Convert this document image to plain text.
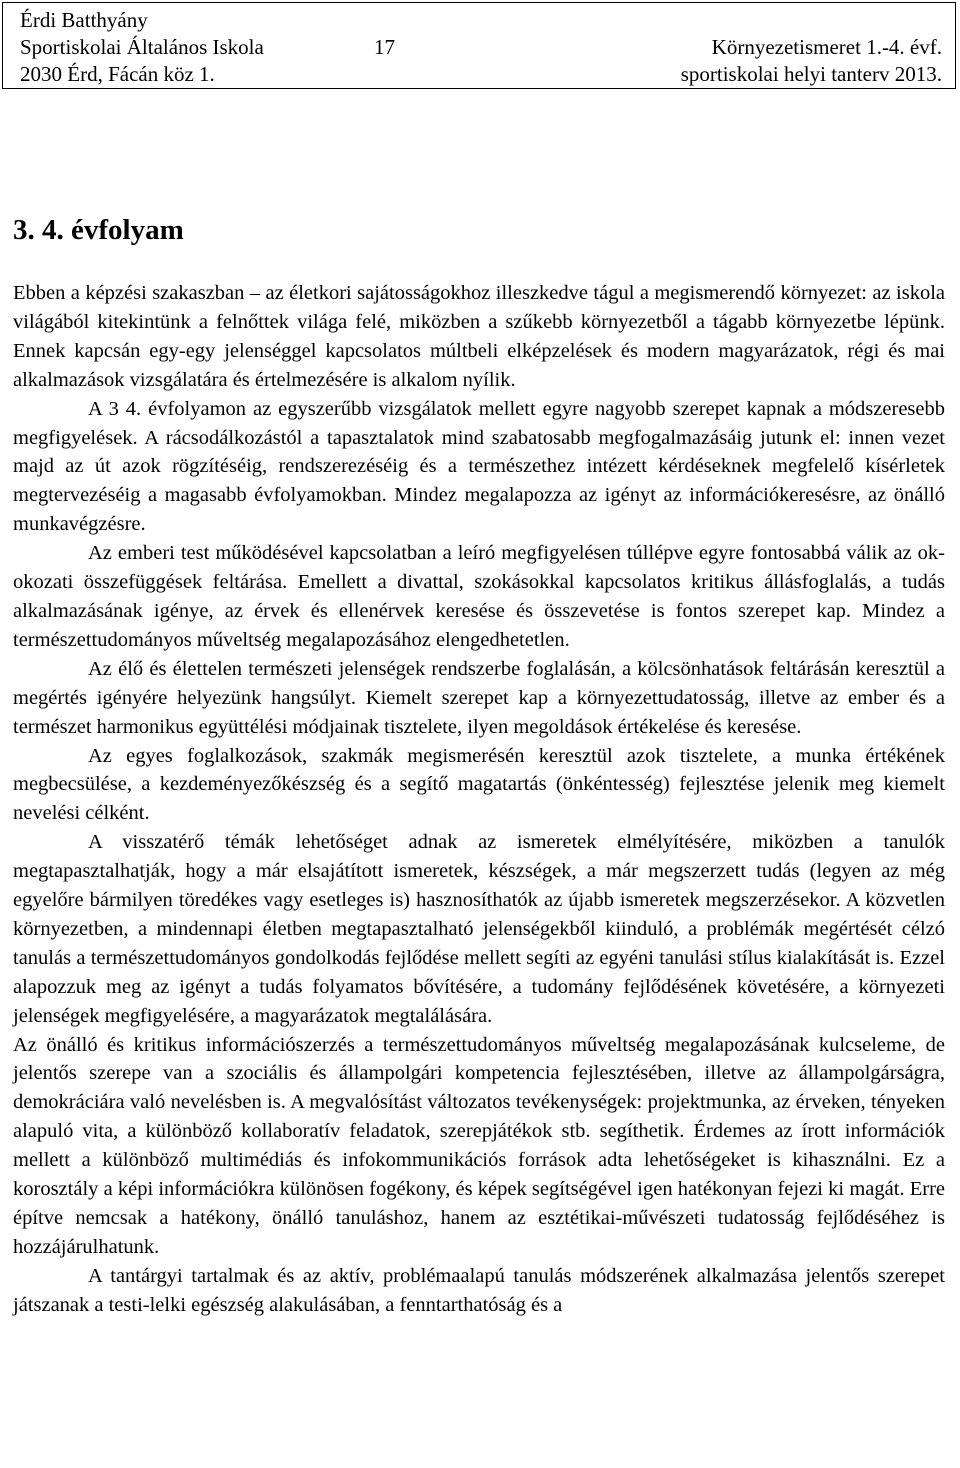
Érdi Batthyány
Sportiskolai Általános Iskola	17	Környezetismeret 1.-4. évf.
2030 Érd, Fácán köz 1.	sportiskolai helyi tanterv 2013.
3. 4. évfolyam

Ebben a képzési szakaszban – az életkori sajátosságokhoz illeszkedve tágul a megismerendő környezet: az iskola világából kitekintünk a felnőttek világa felé, miközben a szűkebb környezetből a tágabb környezetbe lépünk. Ennek kapcsán egy-egy jelenséggel kapcsolatos múltbeli elképzelések és modern magyarázatok, régi és mai alkalmazások vizsgálatára és értelmezésére is alkalom nyílik.

A 3 4. évfolyamon az egyszerűbb vizsgálatok mellett egyre nagyobb szerepet kapnak a módszeresebb megfigyelések. A rácsodálkozástól a tapasztalatok mind szabatosabb megfogalmazásáig jutunk el: innen vezet majd az út azok rögzítéséig, rendszerezéséig és a természethez intézett kérdéseknek megfelelő kísérletek megtervezéséig a magasabb évfolyamokban. Mindez megalapozza az igényt az információkeresésre, az önálló munkavégzésre.

Az emberi test működésével kapcsolatban a leíró megfigyelésen túllépve egyre fontosabbá válik az ok-okozati összefüggések feltárása. Emellett a divattal, szokásokkal kapcsolatos kritikus állásfoglalás, a tudás alkalmazásának igénye, az érvek és ellenérvek keresése és összevetése is fontos szerepet kap. Mindez a természettudományos műveltség megalapozásához elengedhetetlen.

Az élő és élettelen természeti jelenségek rendszerbe foglalásán, a kölcsönhatások feltárásán keresztül a megértés igényére helyezünk hangsúlyt. Kiemelt szerepet kap a környezettudatosság, illetve az ember és a természet harmonikus együttélési módjainak tisztelete, ilyen megoldások értékelése és keresése.

Az egyes foglalkozások, szakmák megismerésén keresztül azok tisztelete, a munka értékének megbecsülése, a kezdeményezőkészség és a segítő magatartás (önkéntesség) fejlesztése jelenik meg kiemelt nevelési célként.

A visszatérő témák lehetőséget adnak az ismeretek elmélyítésére, miközben a tanulók megtapasztalhatják, hogy a már elsajátított ismeretek, készségek, a már megszerzett tudás (legyen az még egyelőre bármilyen töredékes vagy esetleges is) hasznosíthatók az újabb ismeretek megszerzésekor. A közvetlen környezetben, a mindennapi életben megtapasztalható jelenségekből kiinduló, a problémák megértését célzó tanulás a természettudományos gondolkodás fejlődése mellett segíti az egyéni tanulási stílus kialakítását is. Ezzel alapozzuk meg az igényt a tudás folyamatos bővítésére, a tudomány fejlődésének követésére, a környezeti jelenségek megfigyelésére, a magyarázatok megtalálására.

Az önálló és kritikus információszerzés a természettudományos műveltség megalapozásának kulcseleme, de jelentős szerepe van a szociális és állampolgári kompetencia fejlesztésében, illetve az állampolgárságra, demokráciára való nevelésben is. A megvalósítást változatos tevékenységek: projektmunka, az érveken, tényeken alapuló vita, a különböző kollaboratív feladatok, szerepjátékok stb. segíthetik. Érdemes az írott információk mellett a különböző multimédiás és infokommunikációs források adta lehetőségeket is kihasználni. Ez a korosztály a képi információkra különösen fogékony, és képek segítségével igen hatékonyan fejezi ki magát. Erre építve nemcsak a hatékony, önálló tanuláshoz, hanem az esztétikai-művészeti tudatosság fejlődéséhez is hozzájárulhatunk.

A tantárgyi tartalmak és az aktív, problémaalapú tanulás módszerének alkalmazása jelentős szerepet játszanak a testi-lelki egészség alakulásában, a fenntarthatóság és a
